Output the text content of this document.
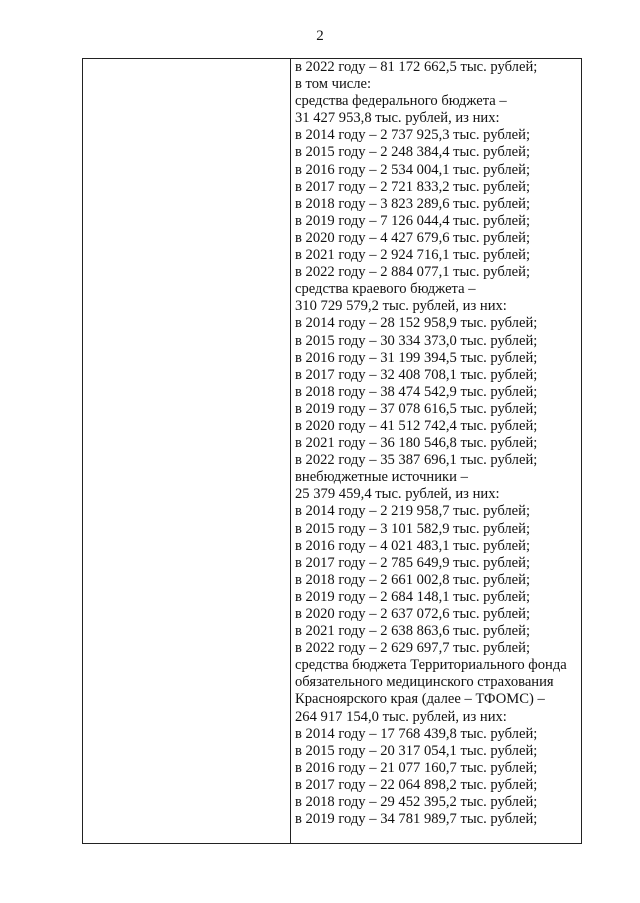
2

в 2022 году – 81 172 662,5 тыс. рублей;
в том числе:
средства федерального бюджета –
31 427 953,8 тыс. рублей, из них:
в 2014 году – 2 737 925,3 тыс. рублей;
в 2015 году – 2 248 384,4 тыс. рублей;
в 2016 году – 2 534 004,1 тыс. рублей;
в 2017 году – 2 721 833,2 тыс. рублей;
в 2018 году – 3 823 289,6 тыс. рублей;
в 2019 году – 7 126 044,4 тыс. рублей;
в 2020 году – 4 427 679,6 тыс. рублей;
в 2021 году – 2 924 716,1 тыс. рублей;
в 2022 году – 2 884 077,1 тыс. рублей;
средства краевого бюджета –
310 729 579,2 тыс. рублей, из них:
в 2014 году – 28 152 958,9 тыс. рублей;
в 2015 году – 30 334 373,0 тыс. рублей;
в 2016 году – 31 199 394,5 тыс. рублей;
в 2017 году – 32 408 708,1 тыс. рублей;
в 2018 году – 38 474 542,9 тыс. рублей;
в 2019 году – 37 078 616,5 тыс. рублей;
в 2020 году – 41 512 742,4 тыс. рублей;
в 2021 году – 36 180 546,8 тыс. рублей;
в 2022 году – 35 387 696,1 тыс. рублей;
внебюджетные источники –
25 379 459,4 тыс. рублей, из них:
в 2014 году – 2 219 958,7 тыс. рублей;
в 2015 году – 3 101 582,9 тыс. рублей;
в 2016 году – 4 021 483,1 тыс. рублей;
в 2017 году – 2 785 649,9 тыс. рублей;
в 2018 году – 2 661 002,8 тыс. рублей;
в 2019 году – 2 684 148,1 тыс. рублей;
в 2020 году – 2 637 072,6 тыс. рублей;
в 2021 году – 2 638 863,6 тыс. рублей;
в 2022 году – 2 629 697,7 тыс. рублей;
средства бюджета Территориального фонда
обязательного медицинского страхования
Красноярского края (далее – ТФОМС) –
264 917 154,0 тыс. рублей, из них:
в 2014 году – 17 768 439,8 тыс. рублей;
в 2015 году – 20 317 054,1 тыс. рублей;
в 2016 году – 21 077 160,7 тыс. рублей;
в 2017 году – 22 064 898,2 тыс. рублей;
в 2018 году – 29 452 395,2 тыс. рублей;
в 2019 году – 34 781 989,7 тыс. рублей;
